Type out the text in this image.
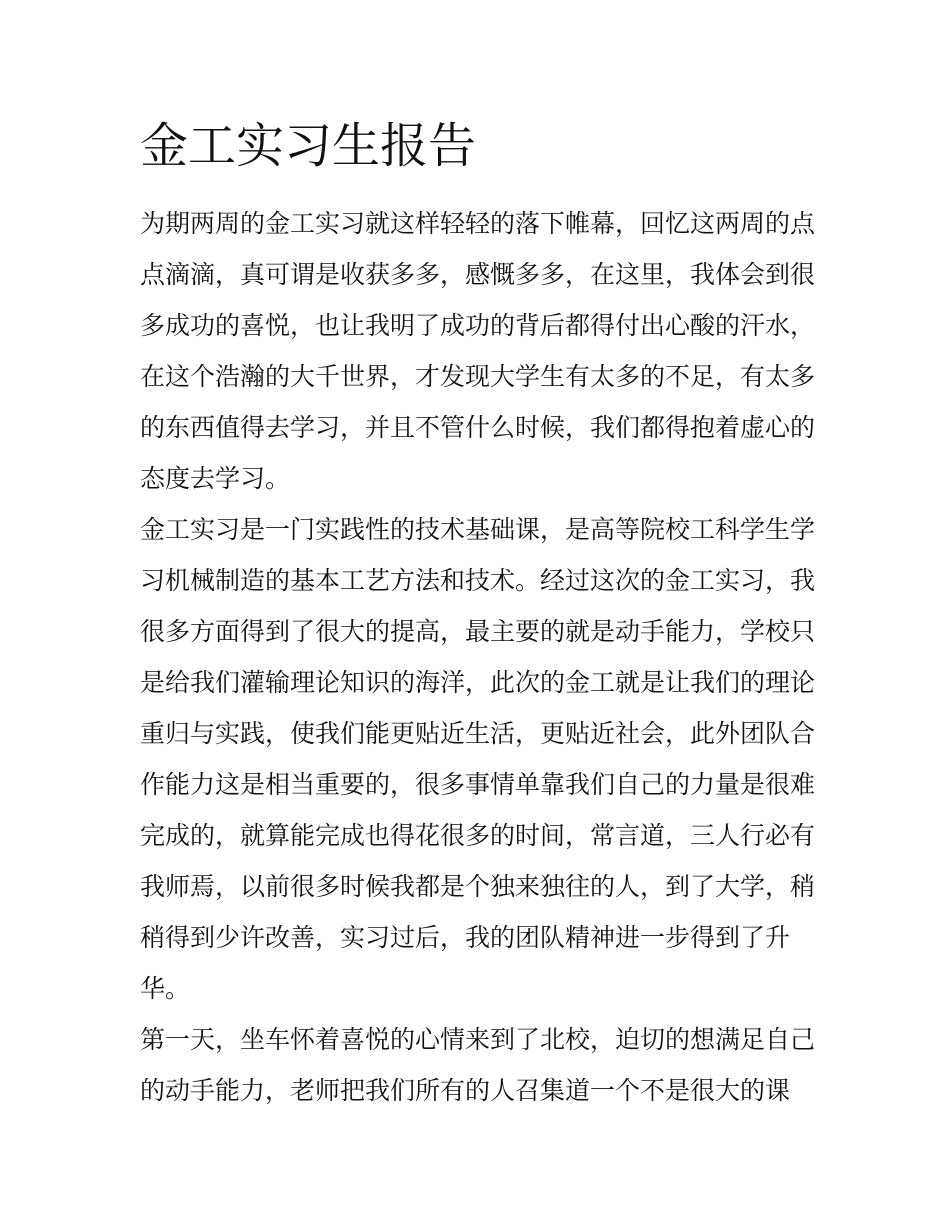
金工实习生报告
为期两周的金工实习就这样轻轻的落下帷幕，回忆这两周的点
点滴滴，真可谓是收获多多，感慨多多，在这里，我体会到很
多成功的喜悦，也让我明了成功的背后都得付出心酸的汗水，
在这个浩瀚的大千世界，才发现大学生有太多的不足，有太多
的东西值得去学习，并且不管什么时候，我们都得抱着虚心的
态度去学习。
金工实习是一门实践性的技术基础课，是高等院校工科学生学
习机械制造的基本工艺方法和技术。经过这次的金工实习，我
很多方面得到了很大的提高，最主要的就是动手能力，学校只
是给我们灌输理论知识的海洋，此次的金工就是让我们的理论
重归与实践，使我们能更贴近生活，更贴近社会，此外团队合
作能力这是相当重要的，很多事情单靠我们自己的力量是很难
完成的，就算能完成也得花很多的时间，常言道，三人行必有
我师焉，以前很多时候我都是个独来独往的人，到了大学，稍
稍得到少许改善，实习过后，我的团队精神进一步得到了升
华。
第一天，坐车怀着喜悦的心情来到了北校，迫切的想满足自己
的动手能力，老师把我们所有的人召集道一个不是很大的课
